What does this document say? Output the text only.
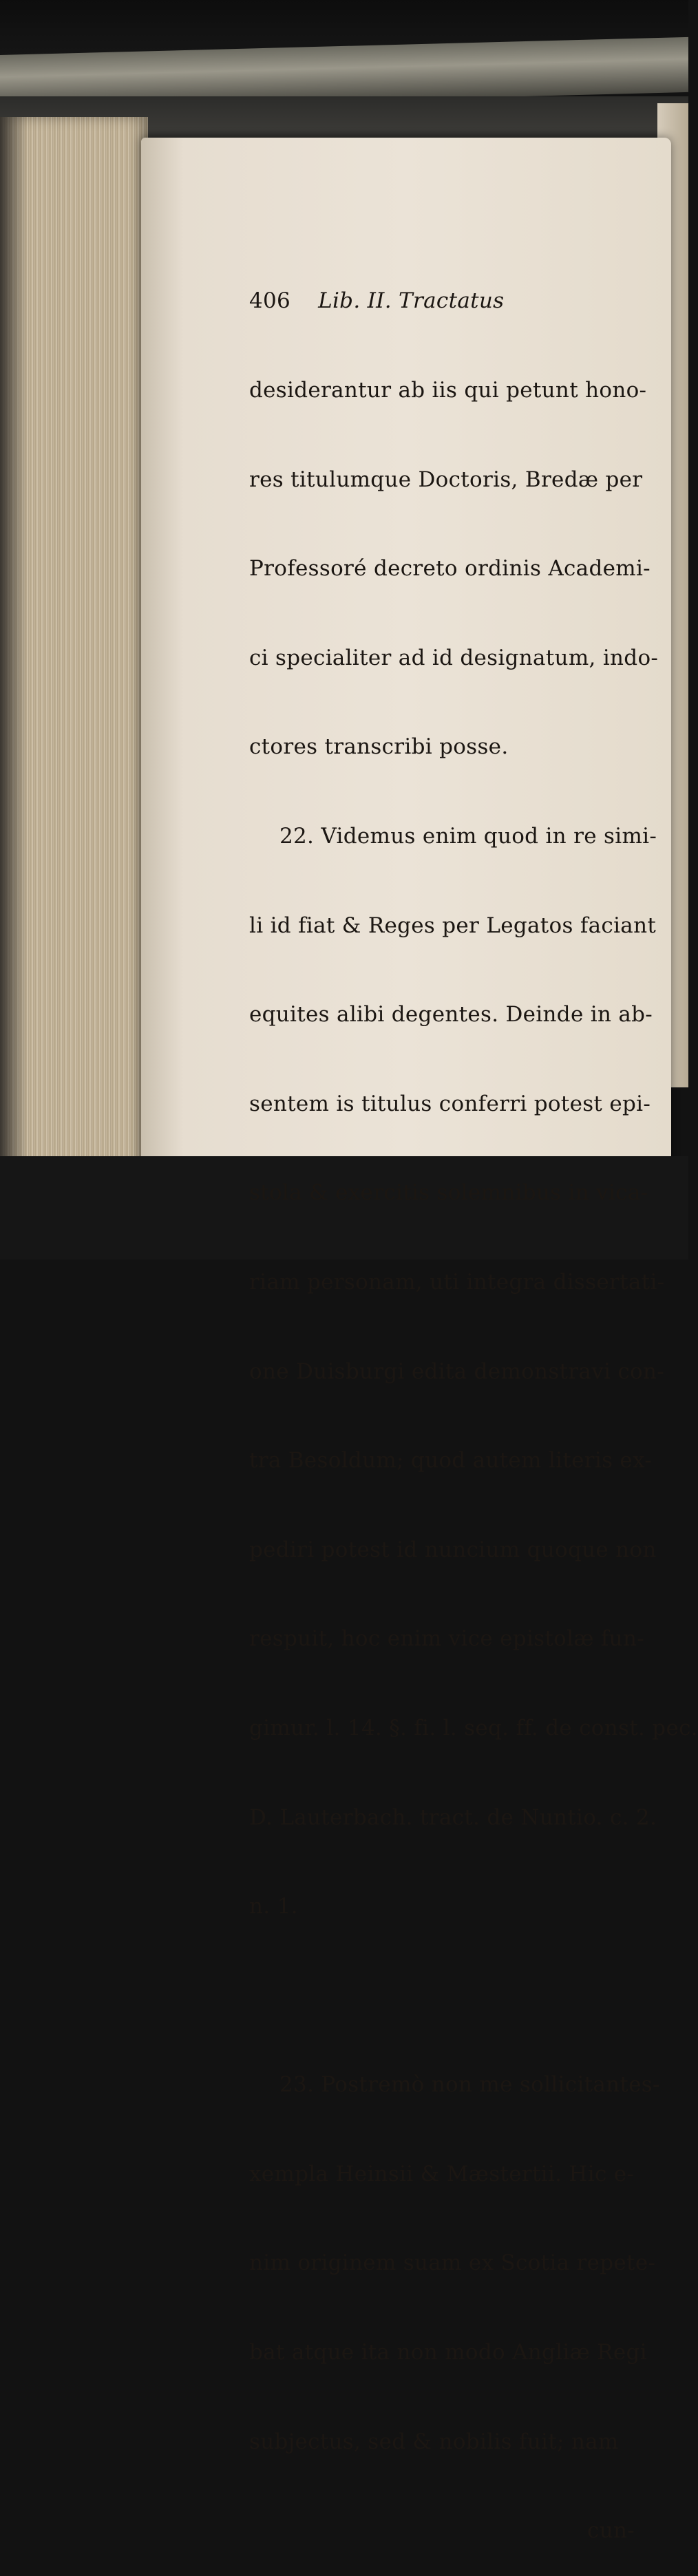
406 Lib. II. Tractatus

desiderantur ab iis qui petunt hono-

res titulumque Doctoris, Bredæ per

Professoré decreto ordinis Academi-

ci specialiter ad id designatum, indo-

ctores transcribi posse.

22. Videmus enim quod in re simi-

li id fiat & Reges per Legatos faciant

equites alibi degentes. Deinde in ab-

sentem is titulus conferri potest epi-

stola & exercitis solemnibus in vica-

riam personam, uti integra dissertati-

one Duisburgi edita demonstravi con-

tra Besoldum; quod autem literis ex-

pediri potest id nuncium quoque non

respuit, hoc enim vice epistolæ fun-

gimur. l. 14. §. fi. l. seq. ff. de const. pec.

D. Lauterbach. tract. de Nuntio. c. 2.

n. 1.

23. Postremò non me sollicitantes-

xempla Heinsii & Mæstertii. Hic e-

nim originem suam ex Scotia repete-

bat atque ita non modo Angliæ Regi

subjectus, sed & nobilis fuit; nam

cun-
